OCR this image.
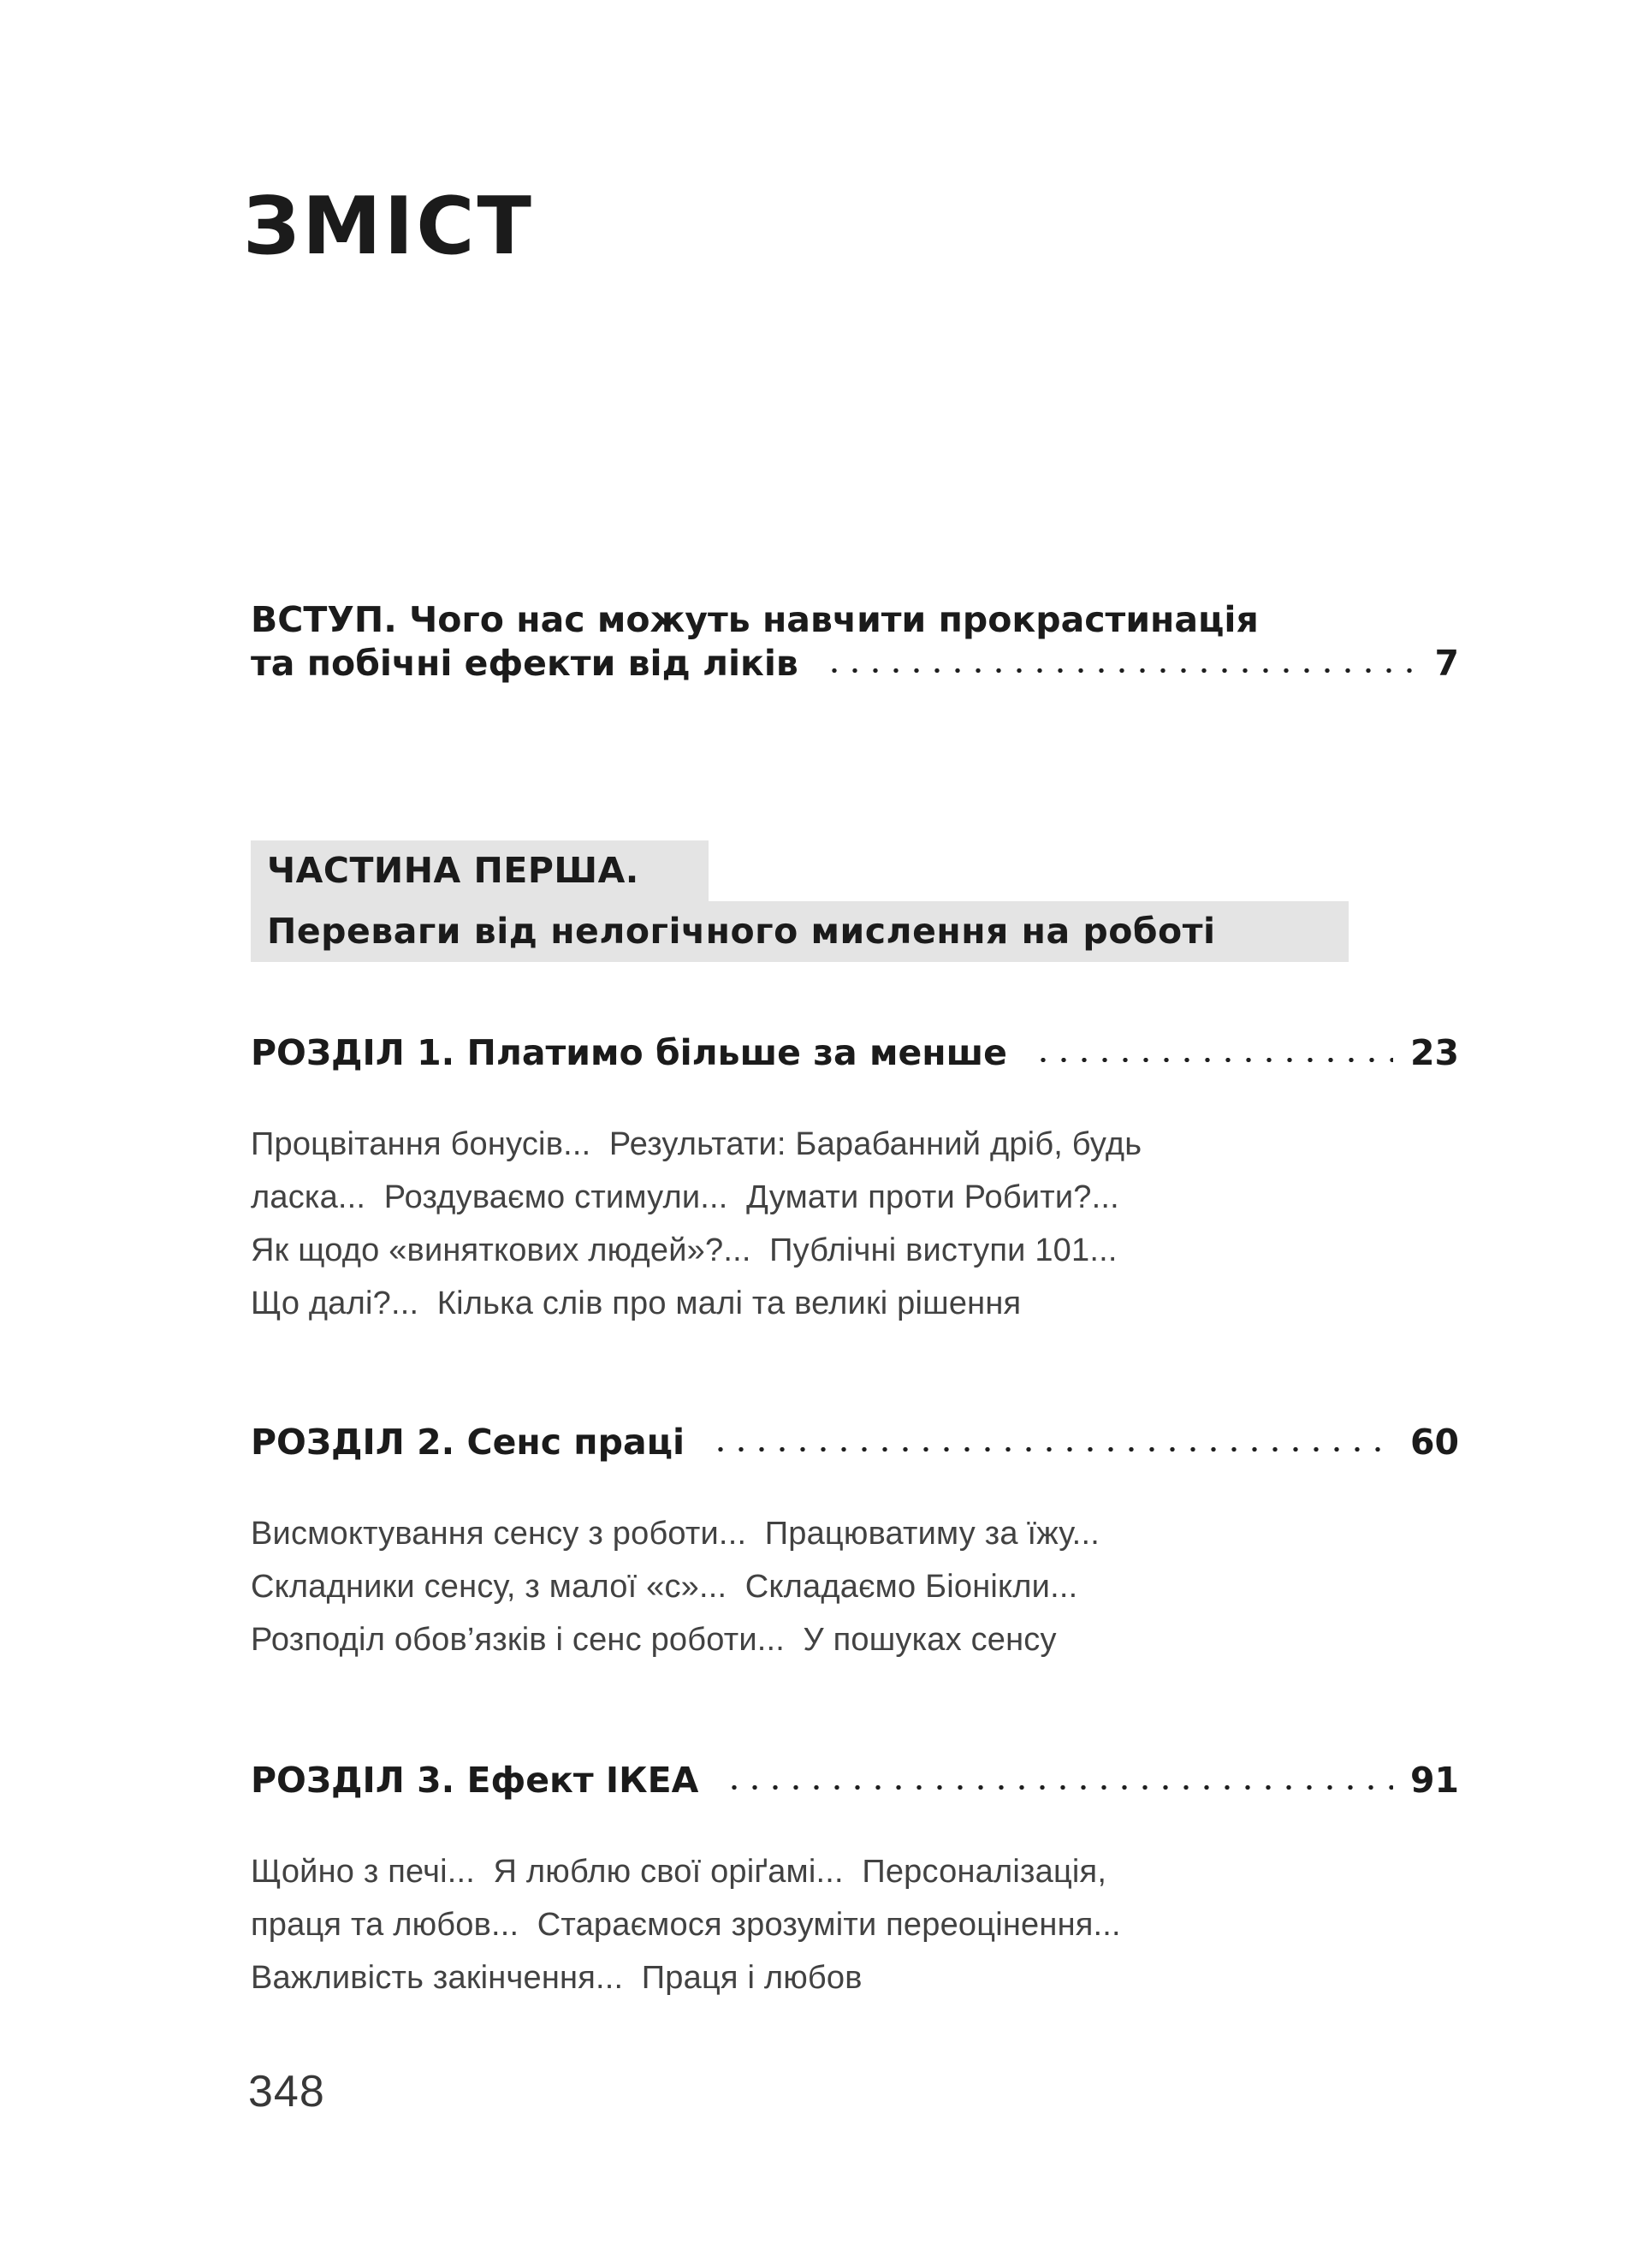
ЗМІСТ
ВСТУП. Чого нас можуть навчити прокрастинація
та побічні ефекти від ліків	7
ЧАСТИНА ПЕРША.
Переваги від нелогічного мислення на роботі
РОЗДІЛ 1. Платимо більше за менше	23
Процвітання бонусів...  Результати: Барабанний дріб, будь
ласка...  Роздуваємо стимули...  Думати проти Робити?...
Як щодо «виняткових людей»?...  Публічні виступи 101...
Що далі?...  Кілька слів про малі та великі рішення
РОЗДІЛ 2. Сенс праці	60
Висмоктування сенсу з роботи...  Працюватиму за їжу...
Складники сенсу, з малої «с»...  Складаємо Біонікли...
Розподіл обов’язків і сенс роботи...  У пошуках сенсу
РОЗДІЛ 3. Ефект ІКЕА	91
Щойно з печі...  Я люблю свої оріґамі...  Персоналізація,
праця та любов...  Стараємося зрозуміти переоцінення...
Важливість закінчення...  Праця і любов
348
